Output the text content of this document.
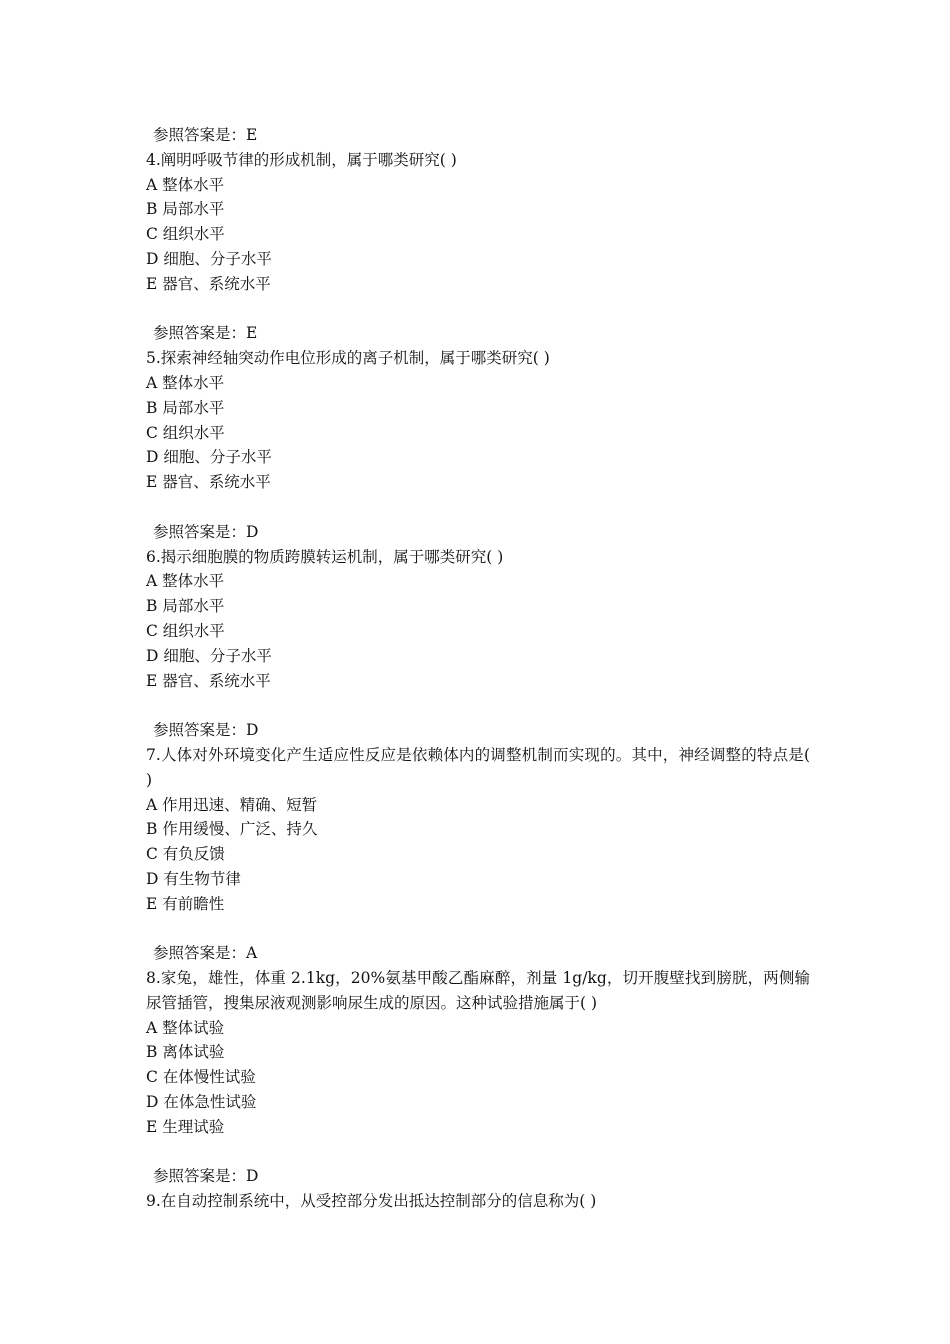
参照答案是：E

4.阐明呼吸节律的形成机制，属于哪类研究( )

A 整体水平

B 局部水平

C 组织水平

D 细胞、分子水平

E 器官、系统水平

参照答案是：E

5.探索神经轴突动作电位形成的离子机制，属于哪类研究( )

A 整体水平

B 局部水平

C 组织水平

D 细胞、分子水平

E 器官、系统水平

参照答案是：D

6.揭示细胞膜的物质跨膜转运机制，属于哪类研究( )

A 整体水平

B 局部水平

C 组织水平

D 细胞、分子水平

E 器官、系统水平

参照答案是：D

7.人体对外环境变化产生适应性反应是依赖体内的调整机制而实现的。其中，神经调整的特点是( )

A 作用迅速、精确、短暂

B 作用缓慢、广泛、持久

C 有负反馈

D 有生物节律

E 有前瞻性

参照答案是：A

8.家兔，雄性，体重 2.1kg，20%氨基甲酸乙酯麻醉，剂量 1g/kg，切开腹壁找到膀胱，两侧输尿管插管，搜集尿液观测影响尿生成的原因。这种试验措施属于( )

A 整体试验

B 离体试验

C 在体慢性试验

D 在体急性试验

E 生理试验

参照答案是：D

9.在自动控制系统中，从受控部分发出抵达控制部分的信息称为( )
